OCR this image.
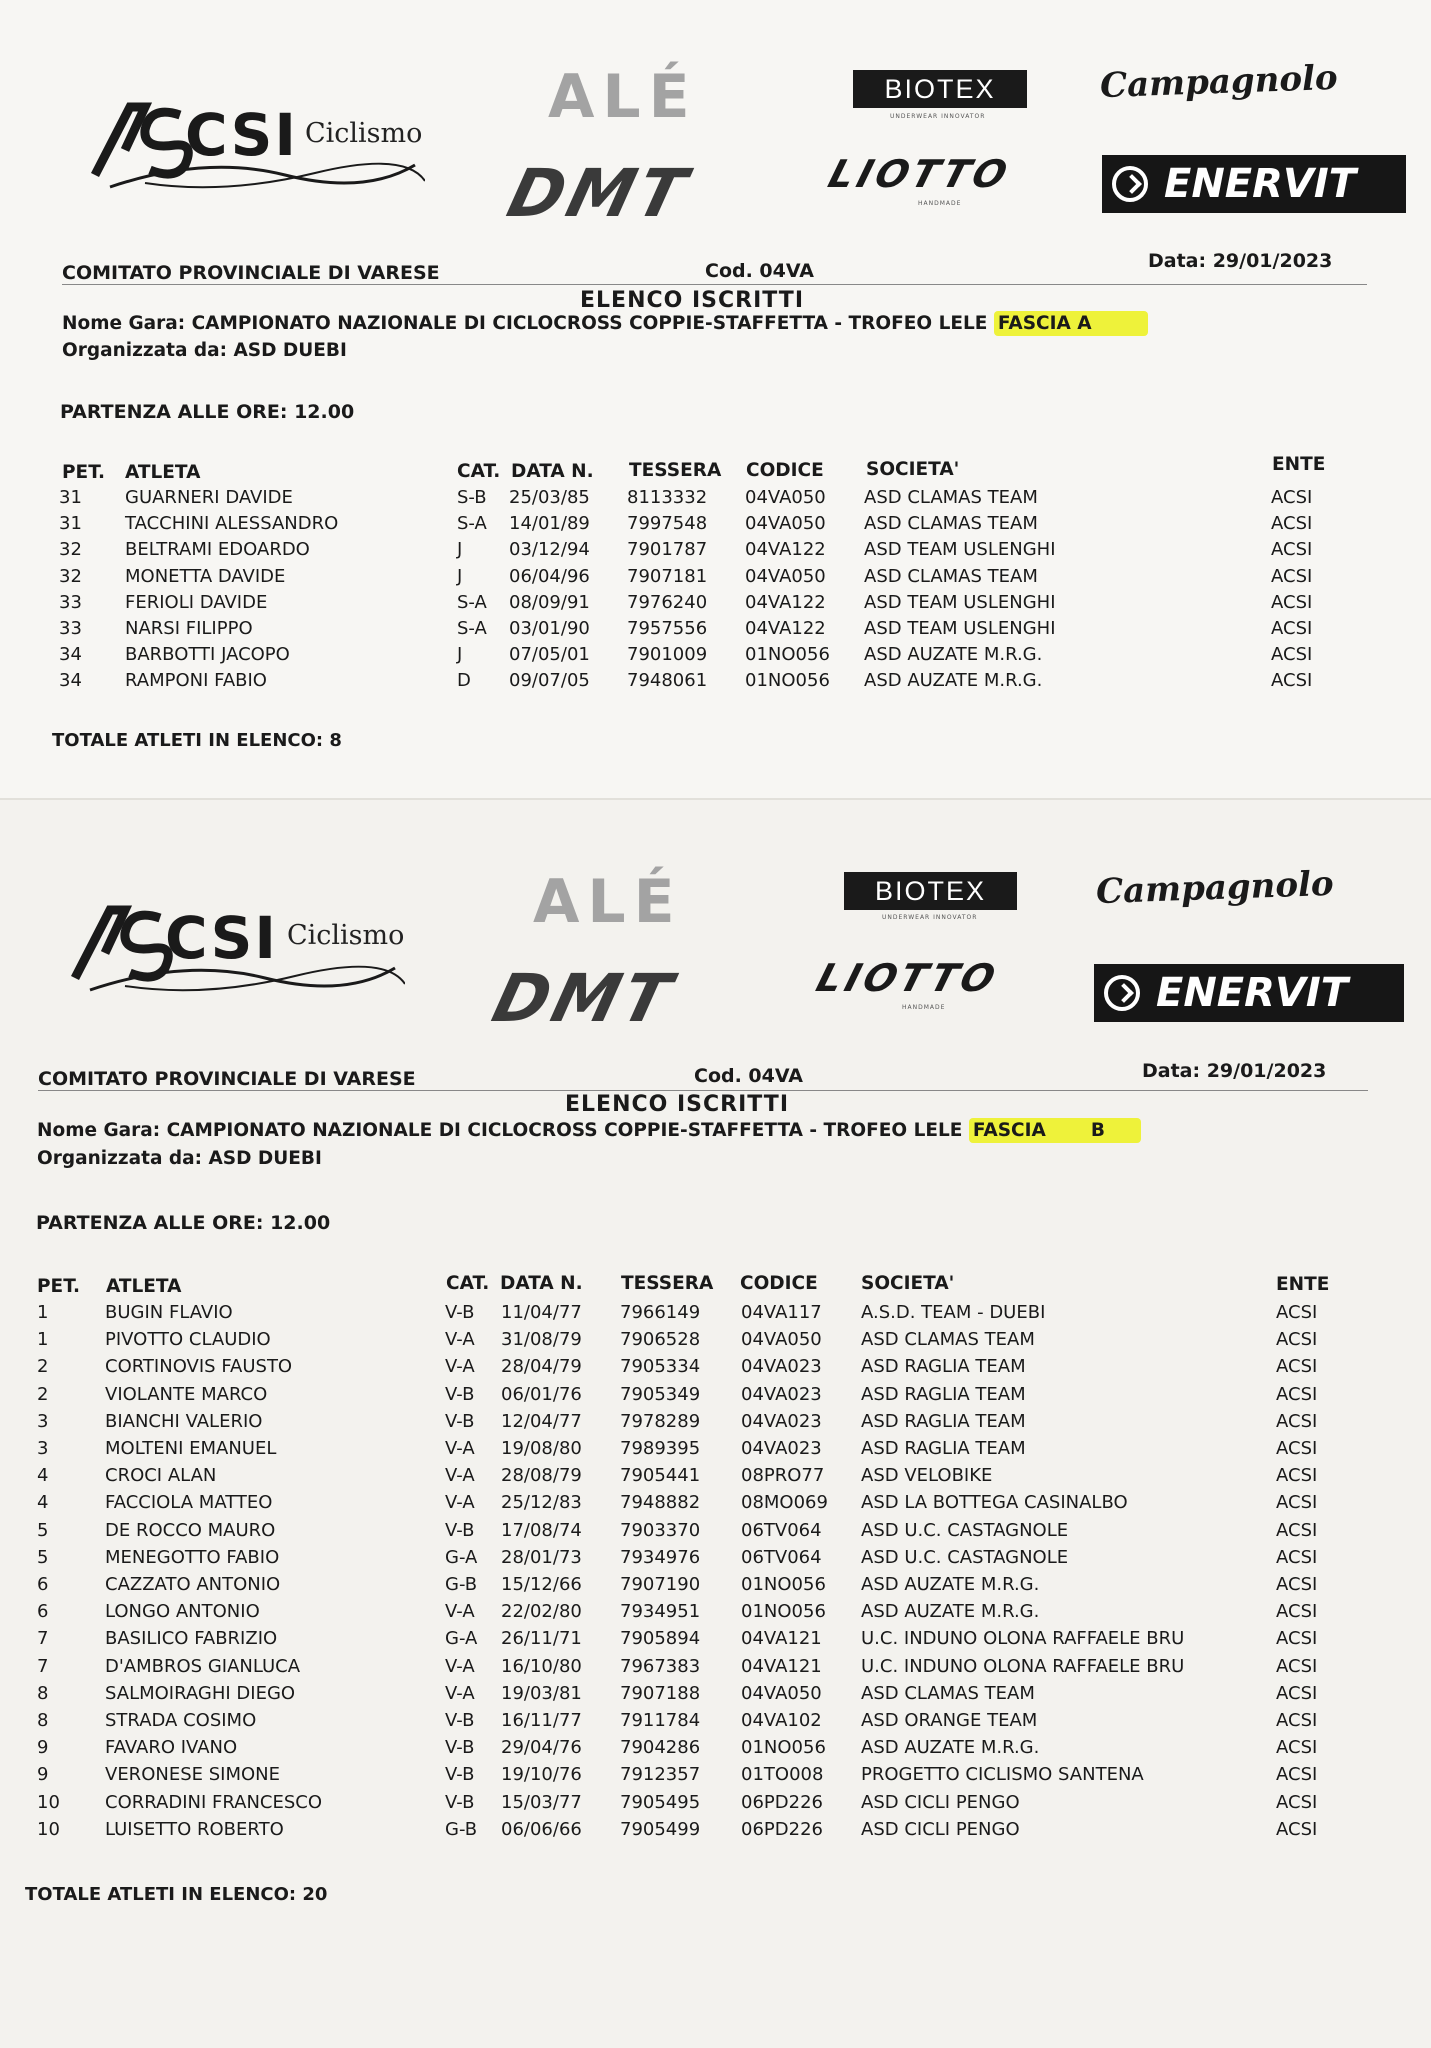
CSI Ciclismo
ALÉ
DMT
BIOTEX
UNDERWEAR INNOVATOR
Campagnolo
LIOTTO
HANDMADE	ENERVIT
COMITATO PROVINCIALE DI VARESE	Cod. 04VA	Data: 29/01/2023
ELENCO ISCRITTI
Nome Gara: CAMPIONATO NAZIONALE DI CICLOCROSS COPPIE-STAFFETTA - TROFEO LELE FASCIA A
Organizzata da: ASD DUEBI
PARTENZA ALLE ORE: 12.00
PET. ATLETA	CAT. DATA N. TESSERA CODICE SOCIETA'	ENTE
31 GUARNERI DAVIDE	S-B 25/03/85 8113332 04VA050 ASD CLAMAS TEAM	ACSI
31 TACCHINI ALESSANDRO	S-A 14/01/89 7997548 04VA050 ASD CLAMAS TEAM	ACSI
32 BELTRAMI EDOARDO	J	03/12/94 7901787 04VA122 ASD TEAM USLENGHI	ACSI
32 MONETTA DAVIDE	J	06/04/96 7907181 04VA050 ASD CLAMAS TEAM	ACSI
33 FERIOLI DAVIDE	S-A 08/09/91 7976240 04VA122 ASD TEAM USLENGHI	ACSI
33 NARSI FILIPPO	S-A 03/01/90 7957556 04VA122 ASD TEAM USLENGHI	ACSI
34 BARBOTTI JACOPO	J	07/05/01 7901009 01NO056 ASD AUZATE M.R.G.	ACSI
34 RAMPONI FABIO	D 09/07/05 7948061 01NO056 ASD AUZATE M.R.G.	ACSI
TOTALE ATLETI IN ELENCO: 8
CSI Ciclismo ALÉ
DMT
BIOTEX
UNDERWEAR INNOVATOR
Campagnolo
LIOTTO
HANDMADE	ENERVIT
COMITATO PROVINCIALE DI VARESE	Cod. 04VA	Data: 29/01/2023
ELENCO ISCRITTI
Nome Gara: CAMPIONATO NAZIONALE DI CICLOCROSS COPPIE-STAFFETTA - TROFEO LELE FASCIA B
Organizzata da: ASD DUEBI
PARTENZA ALLE ORE: 12.00
PET. ATLETA	CAT. DATA N. TESSERA CODICE SOCIETA'	ENTE
1	BUGIN FLAVIO	V-B 11/04/77 7966149 04VA117 A.S.D. TEAM - DUEBI	ACSI
1	PIVOTTO CLAUDIO	V-A 31/08/79 7906528 04VA050 ASD CLAMAS TEAM	ACSI
2	CORTINOVIS FAUSTO	V-A 28/04/79 7905334 04VA023 ASD RAGLIA TEAM	ACSI
2	VIOLANTE MARCO	V-B 06/01/76 7905349 04VA023 ASD RAGLIA TEAM	ACSI
3	BIANCHI VALERIO	V-B 12/04/77 7978289 04VA023 ASD RAGLIA TEAM	ACSI
3	MOLTENI EMANUEL	V-A 19/08/80 7989395 04VA023 ASD RAGLIA TEAM	ACSI
4	CROCI ALAN	V-A 28/08/79 7905441 08PRO77 ASD VELOBIKE	ACSI
4	FACCIOLA MATTEO	V-A 25/12/83 7948882 08MO069 ASD LA BOTTEGA CASINALBO	ACSI
5	DE ROCCO MAURO	V-B 17/08/74 7903370 06TV064 ASD U.C. CASTAGNOLE	ACSI
5	MENEGOTTO FABIO	G-A 28/01/73 7934976 06TV064 ASD U.C. CASTAGNOLE	ACSI
6	CAZZATO ANTONIO	G-B 15/12/66 7907190 01NO056 ASD AUZATE M.R.G.	ACSI
6	LONGO ANTONIO	V-A 22/02/80 7934951 01NO056 ASD AUZATE M.R.G.	ACSI
7	BASILICO FABRIZIO	G-A 26/11/71 7905894 04VA121 U.C. INDUNO OLONA RAFFAELE BRU	ACSI
7	D'AMBROS GIANLUCA	V-A 16/10/80 7967383 04VA121 U.C. INDUNO OLONA RAFFAELE BRU	ACSI
8	SALMOIRAGHI DIEGO	V-A 19/03/81 7907188 04VA050 ASD CLAMAS TEAM	ACSI
8	STRADA COSIMO	V-B 16/11/77 7911784 04VA102 ASD ORANGE TEAM	ACSI
9	FAVARO IVANO	V-B 29/04/76 7904286 01NO056 ASD AUZATE M.R.G.	ACSI
9	VERONESE SIMONE	V-B 19/10/76 7912357 01TO008 PROGETTO CICLISMO SANTENA	ACSI
10	CORRADINI FRANCESCO	V-B 15/03/77 7905495 06PD226 ASD CICLI PENGO	ACSI
10	LUISETTO ROBERTO	G-B 06/06/66 7905499 06PD226 ASD CICLI PENGO	ACSI
TOTALE ATLETI IN ELENCO: 20
